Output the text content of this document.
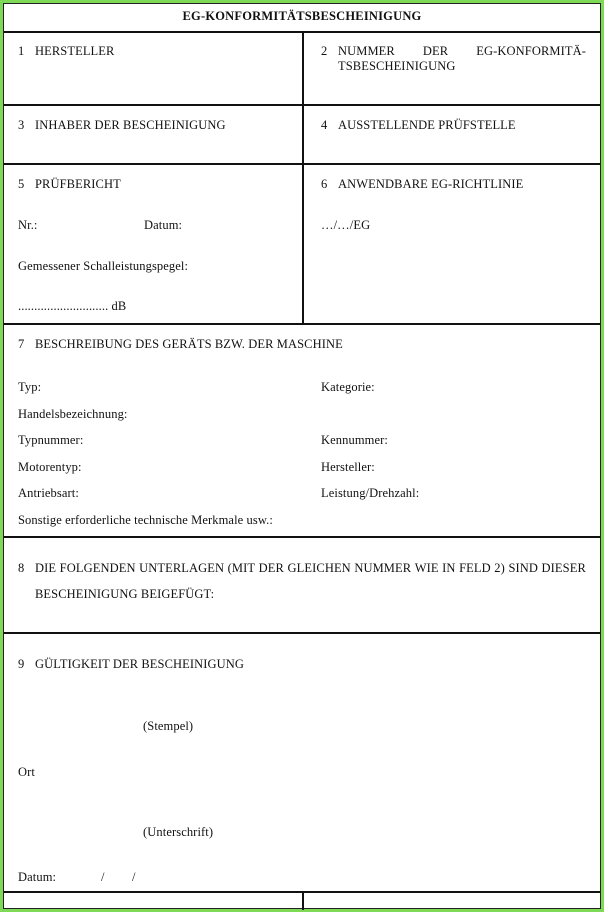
EG-KONFORMITÄTSBESCHEINIGUNG
1 HERSTELLER	2 NUMMER DER EG-KONFORMITÄ-
TSBESCHEINIGUNG
3 INHABER DER BESCHEINIGUNG	4 AUSSTELLENDE PRÜFSTELLE
5 PRÜFBERICHT
Nr.:	Datum:
Gemessener Schalleistungspegel:
............................ dB
6 ANWENDBARE EG-RICHTLINIE
…/…/EG
7 BESCHREIBUNG DES GERÄTS BZW. DER MASCHINE
Typ:	Kategorie:
Handelsbezeichnung:
Typnummer:	Kennummer:
Motorentyp:	Hersteller:
Antriebsart:	Leistung/Drehzahl:
Sonstige erforderliche technische Merkmale usw.:
8 DIE FOLGENDEN UNTERLAGEN (MIT DER GLEICHEN NUMMER WIE IN FELD 2) SIND DIESER
BESCHEINIGUNG BEIGEFÜGT:
9 GÜLTIGKEIT DER BESCHEINIGUNG
(Stempel)
Ort
(Unterschrift)
Datum:	/ /
